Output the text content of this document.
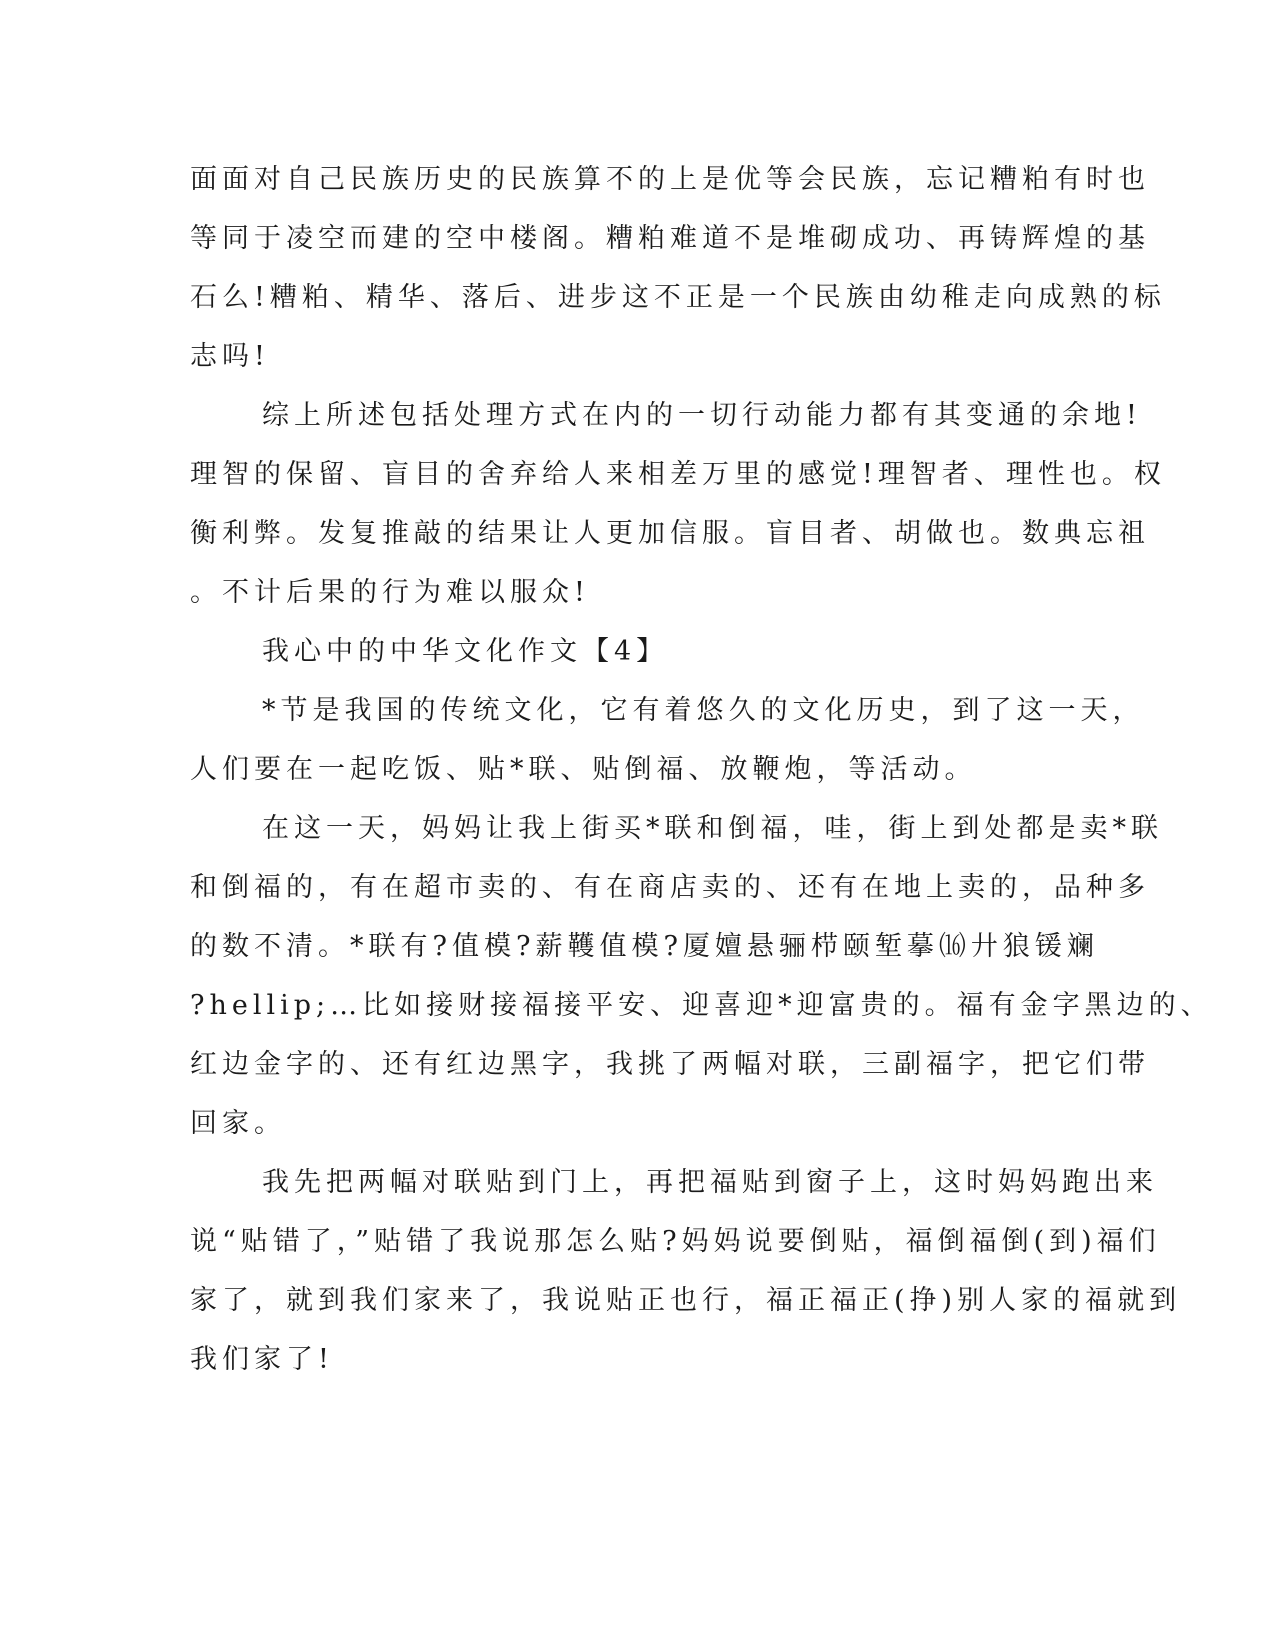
面面对自己民族历史的民族算不的上是优等会民族，忘记糟粕有时也
等同于凌空而建的空中楼阁。糟粕难道不是堆砌成功、再铸辉煌的基
石么!糟粕、精华、落后、进步这不正是一个民族由幼稚走向成熟的标
志吗!
综上所述包括处理方式在内的一切行动能力都有其变通的余地!
理智的保留、盲目的舍弃给人来相差万里的感觉!理智者、理性也。权
衡利弊。发复推敲的结果让人更加信服。盲目者、胡做也。数典忘祖
。不计后果的行为难以服众!
我心中的中华文化作文【4】
*节是我国的传统文化，它有着悠久的文化历史，到了这一天，
人们要在一起吃饭、贴*联、贴倒福、放鞭炮，等活动。
在这一天，妈妈让我上街买*联和倒福，哇，街上到处都是卖*联
和倒福的，有在超市卖的、有在商店卖的、还有在地上卖的，品种多
的数不清。*联有?值模?薪韄值模?厦嬗悬骊栉颐堑摹⒃廾狼锾斓
?hellip;…比如接财接福接平安、迎喜迎*迎富贵的。福有金字黑边的、
红边金字的、还有红边黑字，我挑了两幅对联，三副福字，把它们带
回家。
我先把两幅对联贴到门上，再把福贴到窗子上，这时妈妈跑出来
说“贴错了，”贴错了我说那怎么贴?妈妈说要倒贴，福倒福倒(到)福们
家了，就到我们家来了，我说贴正也行，福正福正(挣)别人家的福就到
我们家了!
